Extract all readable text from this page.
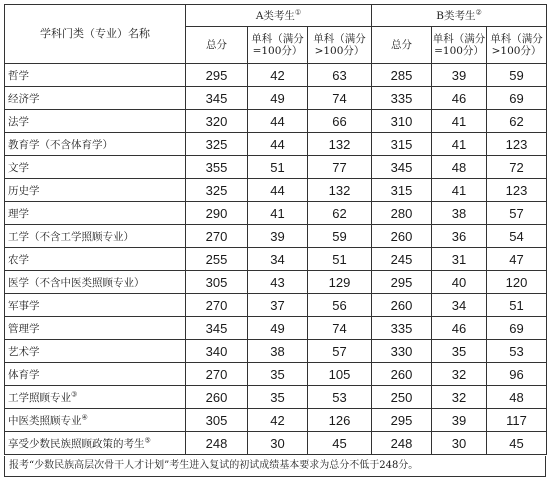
学科门类（专业）名称	A类考生①			B类考生②
	总分	单科（满分=100分）	单科（满分>100分）	总分	单科（满分=100分）	单科（满分>100分）
哲学	295	42	63	285	39	59
经济学	345	49	74	335	46	69
法学	320	44	66	310	41	62
教育学（不含体育学）	325	44	132	315	41	123
文学	355	51	77	345	48	72
历史学	325	44	132	315	41	123
理学	290	41	62	280	38	57
工学（不含工学照顾专业）	270	39	59	260	36	54
农学	255	34	51	245	31	47
医学（不含中医类照顾专业）	305	43	129	295	40	120
军事学	270	37	56	260	34	51
管理学	345	49	74	335	46	69
艺术学	340	38	57	330	35	53
体育学	270	35	105	260	32	96
工学照顾专业③	260	35	53	250	32	48
中医类照顾专业④	305	42	126	295	39	117
享受少数民族照顾政策的考生⑤	248	30	45	248	30	45
报考“少数民族高层次骨干人才计划”考生进入复试的初试成绩基本要求为总分不低于248分。
